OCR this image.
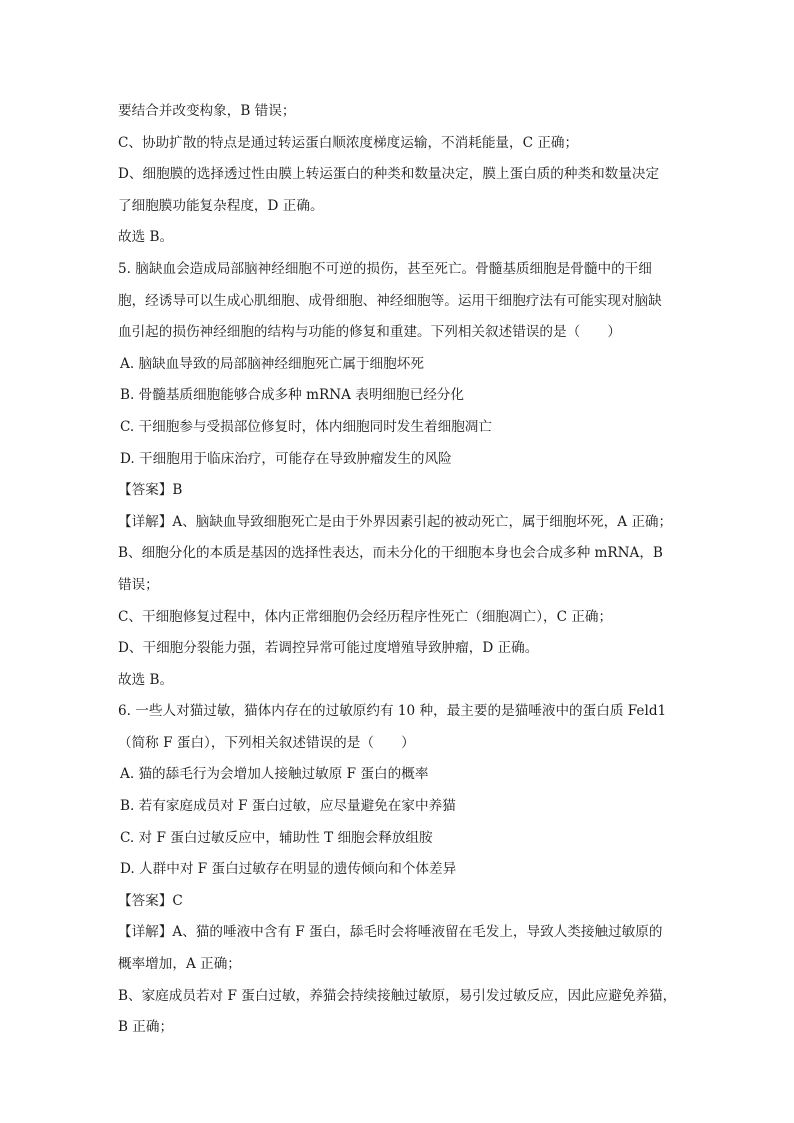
要结合并改变构象，B 错误；
C、协助扩散的特点是通过转运蛋白顺浓度梯度运输，不消耗能量，C 正确；
D、细胞膜的选择透过性由膜上转运蛋白的种类和数量决定，膜上蛋白质的种类和数量决定
了细胞膜功能复杂程度，D 正确。
故选 B。
5. 脑缺血会造成局部脑神经细胞不可逆的损伤，甚至死亡。骨髓基质细胞是骨髓中的干细
胞，经诱导可以生成心肌细胞、成骨细胞、神经细胞等。运用干细胞疗法有可能实现对脑缺
血引起的损伤神经细胞的结构与功能的修复和重建。下列相关叙述错误的是（　　）
A. 脑缺血导致的局部脑神经细胞死亡属于细胞坏死
B. 骨髓基质细胞能够合成多种 mRNA 表明细胞已经分化
C. 干细胞参与受损部位修复时，体内细胞同时发生着细胞凋亡
D. 干细胞用于临床治疗，可能存在导致肿瘤发生的风险
【答案】B
【详解】A、脑缺血导致细胞死亡是由于外界因素引起的被动死亡，属于细胞坏死，A 正确；
B、细胞分化的本质是基因的选择性表达，而未分化的干细胞本身也会合成多种 mRNA，B
错误；
C、干细胞修复过程中，体内正常细胞仍会经历程序性死亡（细胞凋亡），C 正确；
D、干细胞分裂能力强，若调控异常可能过度增殖导致肿瘤，D 正确。
故选 B。
6. 一些人对猫过敏，猫体内存在的过敏原约有 10 种，最主要的是猫唾液中的蛋白质 Feld1
（简称 F 蛋白），下列相关叙述错误的是（　　）
A. 猫的舔毛行为会增加人接触过敏原 F 蛋白的概率
B. 若有家庭成员对 F 蛋白过敏，应尽量避免在家中养猫
C. 对 F 蛋白过敏反应中，辅助性 T 细胞会释放组胺
D. 人群中对 F 蛋白过敏存在明显的遗传倾向和个体差异
【答案】C
【详解】A、猫的唾液中含有 F 蛋白，舔毛时会将唾液留在毛发上，导致人类接触过敏原的
概率增加，A 正确；
B、家庭成员若对 F 蛋白过敏，养猫会持续接触过敏原，易引发过敏反应，因此应避免养猫，
B 正确；
